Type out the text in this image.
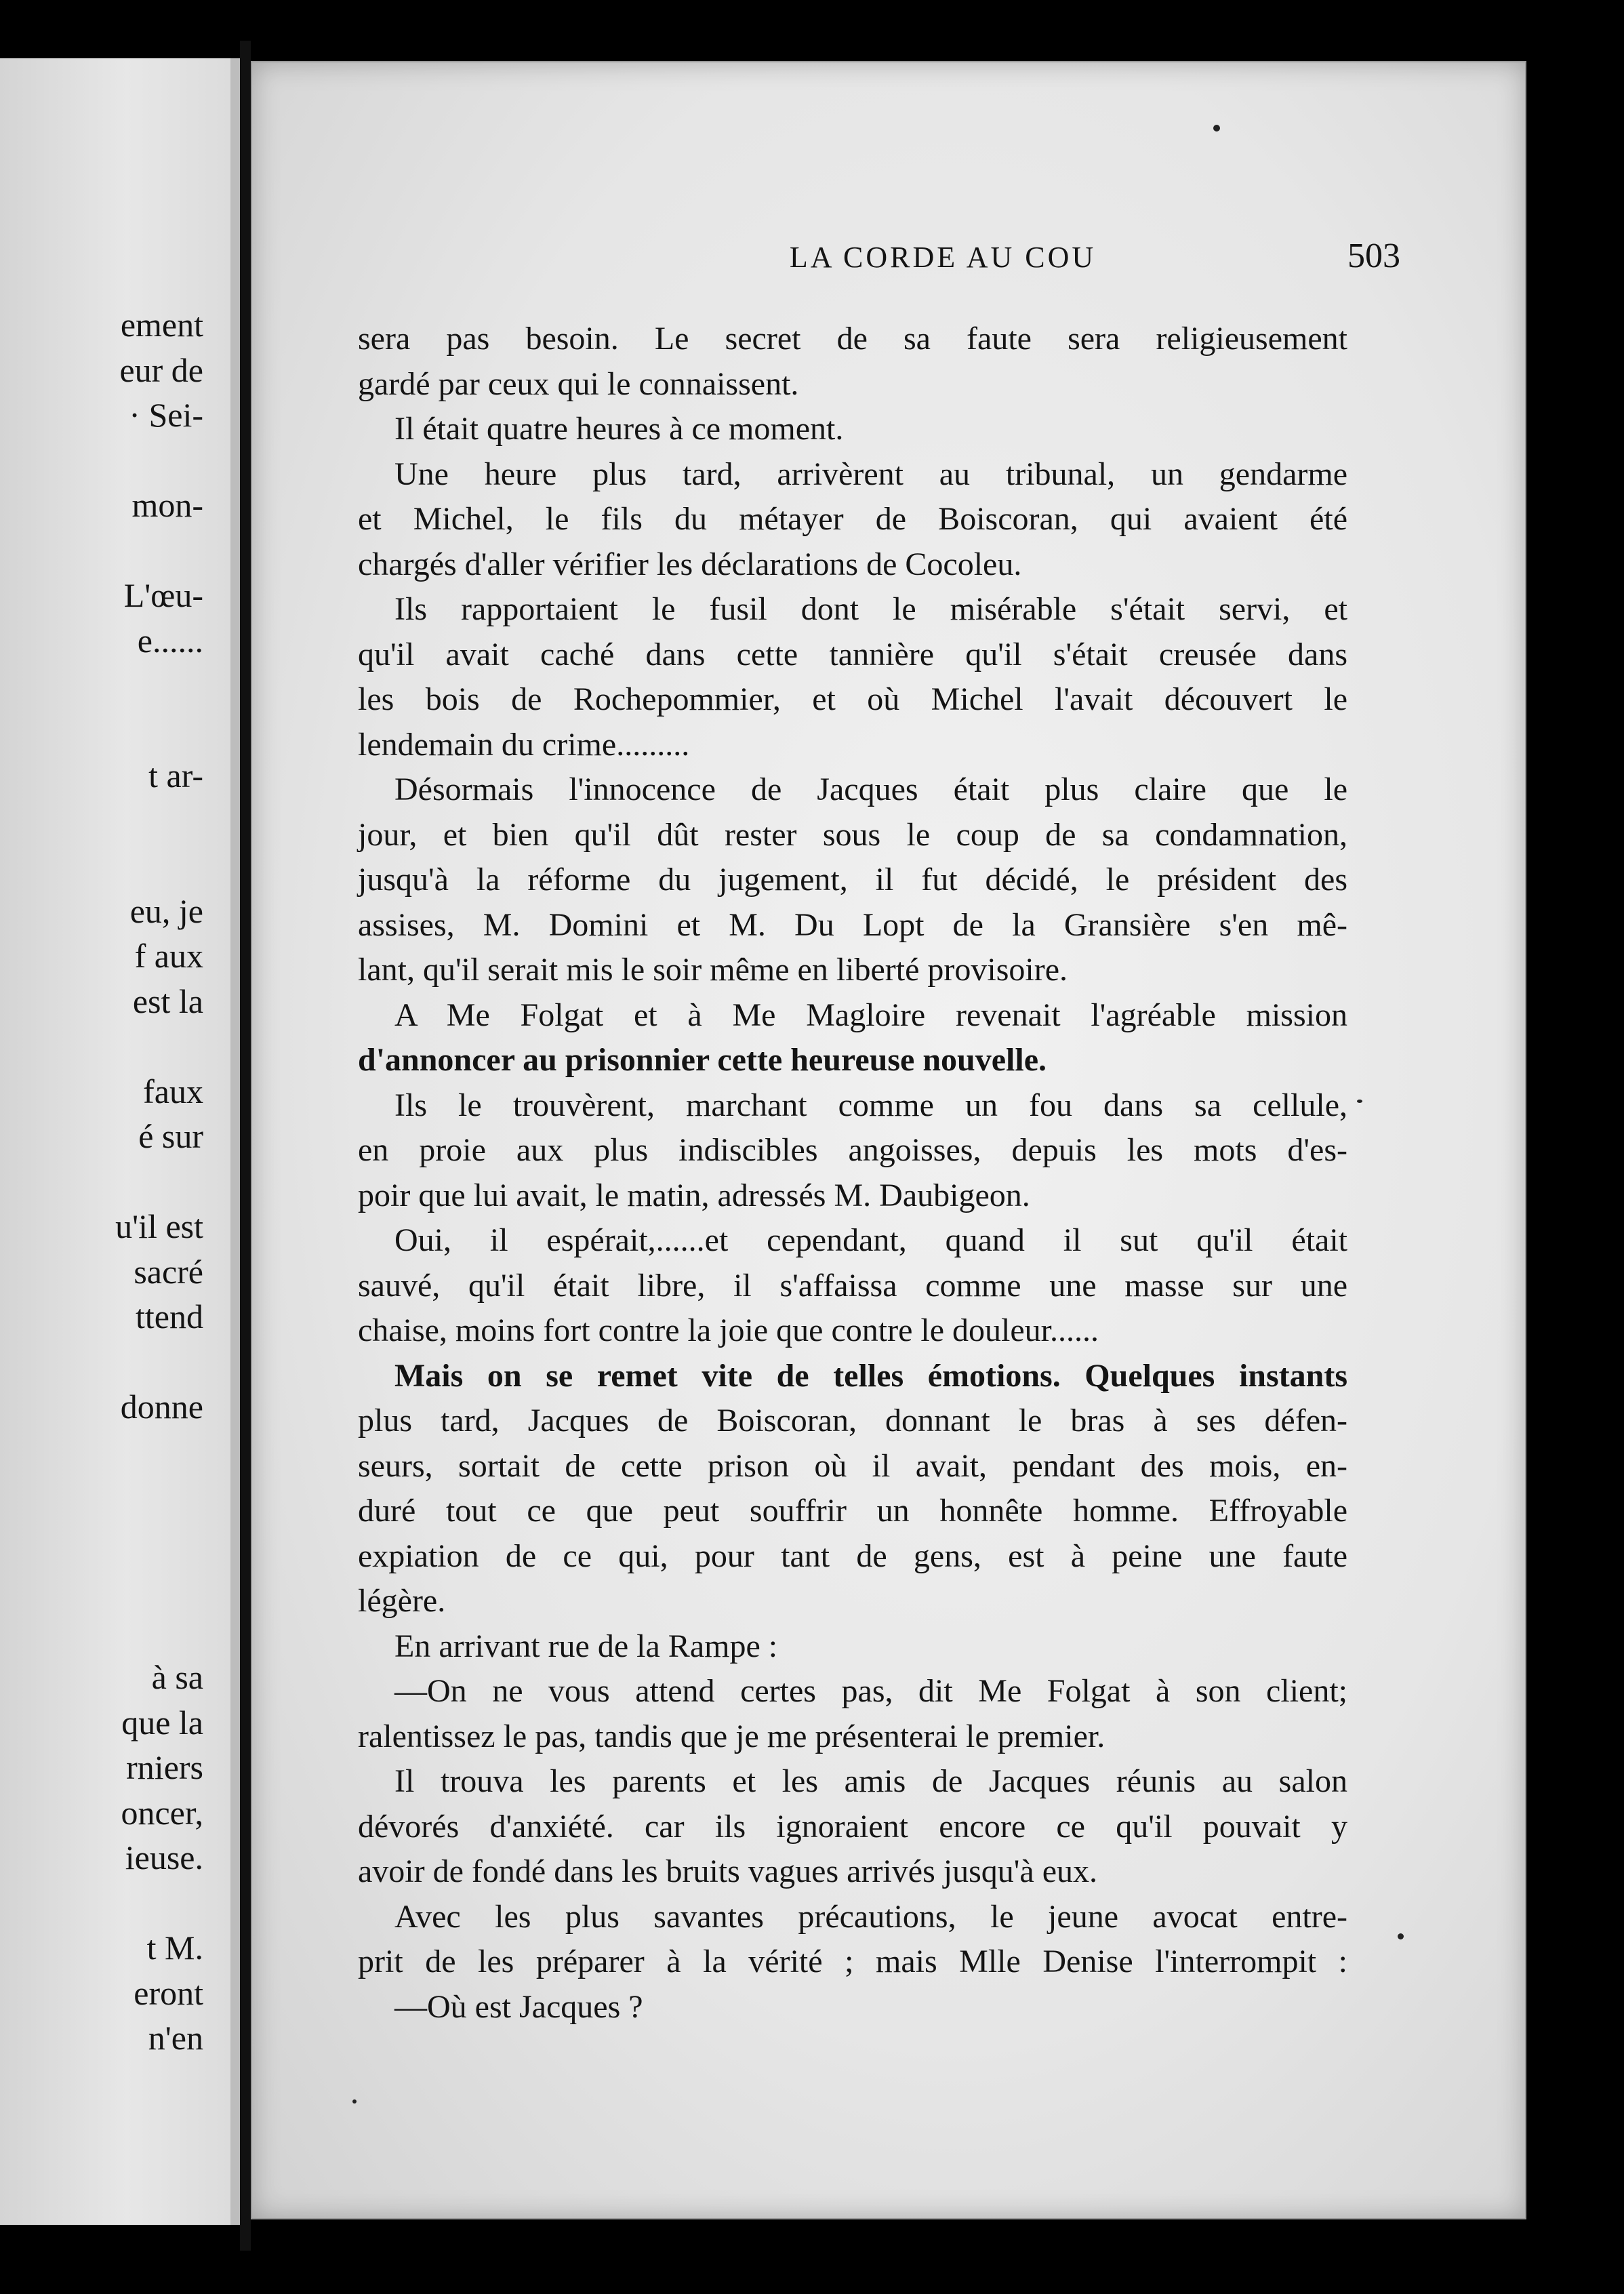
ement
eur de
· Sei-
mon-
L'œu-
e......
t ar-
eu, je
f aux
est la
faux
é sur
u'il est
sacré
ttend
donne
à sa
que la
rniers
oncer,
ieuse.
t M.
eront
n'en
LA CORDE AU COU	503
sera pas besoin. Le secret de sa faute sera religieusement
gardé par ceux qui le connaissent.
Il était quatre heures à ce moment.
Une heure plus tard, arrivèrent au tribunal, un gendarme
et Michel, le fils du métayer de Boiscoran, qui avaient été
chargés d'aller vérifier les déclarations de Cocoleu.
Ils rapportaient le fusil dont le misérable s'était servi, et
qu'il avait caché dans cette tannière qu'il s'était creusée dans
les bois de Rochepommier, et où Michel l'avait découvert le
lendemain du crime.........
Désormais l'innocence de Jacques était plus claire que le
jour, et bien qu'il dût rester sous le coup de sa condamnation,
jusqu'à la réforme du jugement, il fut décidé, le président des
assises, M. Domini et M. Du Lopt de la Gransière s'en mê-
lant, qu'il serait mis le soir même en liberté provisoire.
A Me Folgat et à Me Magloire revenait l'agréable mission
d'annoncer au prisonnier cette heureuse nouvelle.
Ils le trouvèrent, marchant comme un fou dans sa cellule,
en proie aux plus indiscibles angoisses, depuis les mots d'es-
poir que lui avait, le matin, adressés M. Daubigeon.
Oui, il espérait,......et cependant, quand il sut qu'il était
sauvé, qu'il était libre, il s'affaissa comme une masse sur une
chaise, moins fort contre la joie que contre le douleur......
Mais on se remet vite de telles émotions. Quelques instants
plus tard, Jacques de Boiscoran, donnant le bras à ses défen-
seurs, sortait de cette prison où il avait, pendant des mois, en-
duré tout ce que peut souffrir un honnête homme. Effroyable
expiation de ce qui, pour tant de gens, est à peine une faute
légère.
En arrivant rue de la Rampe :
—On ne vous attend certes pas, dit Me Folgat à son client;
ralentissez le pas, tandis que je me présenterai le premier.
Il trouva les parents et les amis de Jacques réunis au salon
dévorés d'anxiété. car ils ignoraient encore ce qu'il pouvait y
avoir de fondé dans les bruits vagues arrivés jusqu'à eux.
Avec les plus savantes précautions, le jeune avocat entre-
prit de les préparer à la vérité ; mais Mlle Denise l'interrompit :
—Où est Jacques ?
